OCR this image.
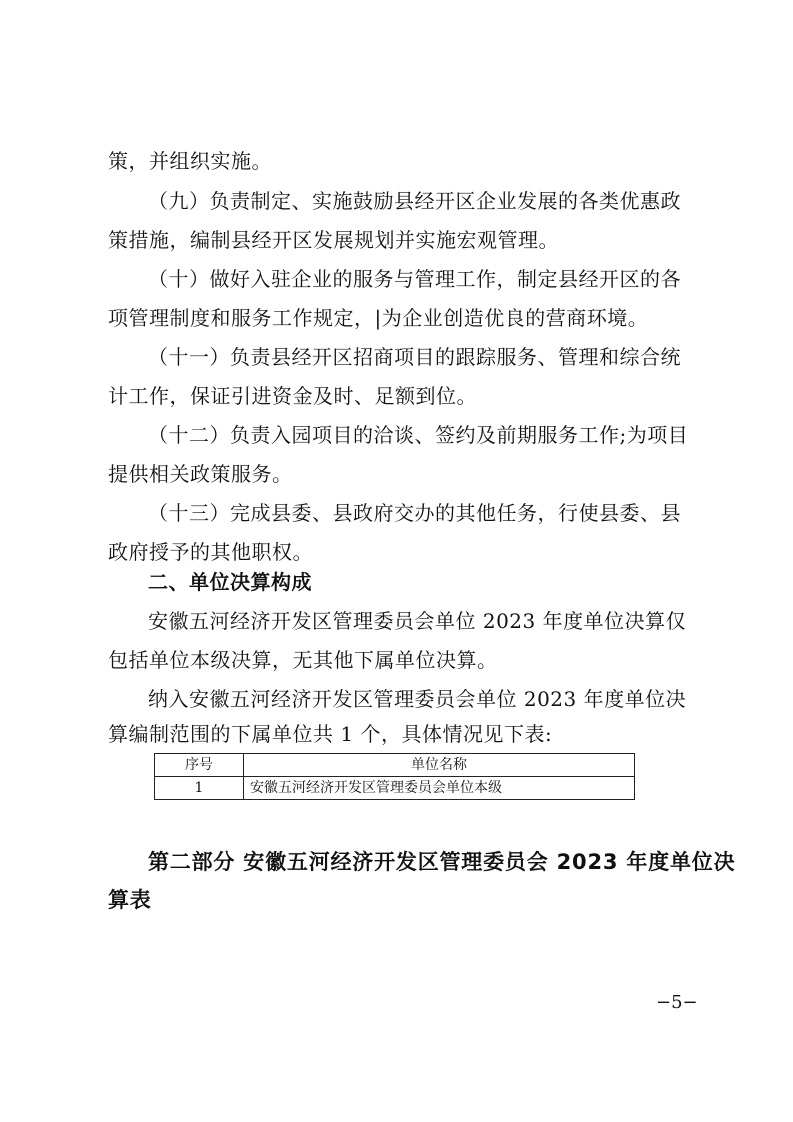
策，并组织实施。
（九）负责制定、实施鼓励县经开区企业发展的各类优惠政
策措施，编制县经开区发展规划并实施宏观管理。
（十）做好入驻企业的服务与管理工作，制定县经开区的各
项管理制度和服务工作规定，|为企业创造优良的营商环境。
（十一）负责县经开区招商项目的跟踪服务、管理和综合统
计工作，保证引进资金及时、足额到位。
（十二）负责入园项目的洽谈、签约及前期服务工作;为项目
提供相关政策服务。
（十三）完成县委、县政府交办的其他任务，行使县委、县
政府授予的其他职权。
二、单位决算构成
安徽五河经济开发区管理委员会单位 2023 年度单位决算仅
包括单位本级决算，无其他下属单位决算。
纳入安徽五河经济开发区管理委员会单位 2023 年度单位决
算编制范围的下属单位共 1 个，具体情况见下表:
序号	单位名称
1	安徽五河经济开发区管理委员会单位本级
第二部分 安徽五河经济开发区管理委员会 2023 年度单位决
算表
−5−
